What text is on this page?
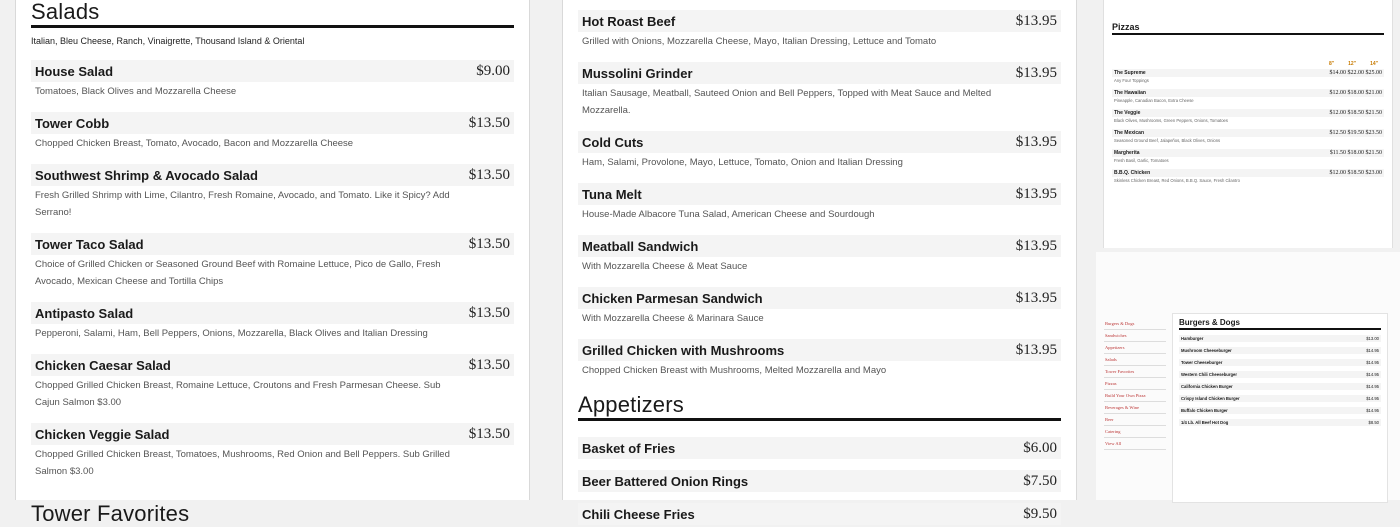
Salads
Italian, Bleu Cheese, Ranch, Vinaigrette, Thousand Island & Oriental
House Salad	$9.00
Tomatoes, Black Olives and Mozzarella Cheese
Tower Cobb	$13.50
Chopped Chicken Breast, Tomato, Avocado, Bacon and Mozzarella Cheese
Southwest Shrimp & Avocado Salad	$13.50
Fresh Grilled Shrimp with Lime, Cilantro, Fresh Romaine, Avocado, and Tomato. Like it Spicy? Add Serrano!
Tower Taco Salad	$13.50
Choice of Grilled Chicken or Seasoned Ground Beef with Romaine Lettuce, Pico de Gallo, Fresh Avocado, Mexican Cheese and Tortilla Chips
Antipasto Salad	$13.50
Pepperoni, Salami, Ham, Bell Peppers, Onions, Mozzarella, Black Olives and Italian Dressing
Chicken Caesar Salad	$13.50
Chopped Grilled Chicken Breast, Romaine Lettuce, Croutons and Fresh Parmesan Cheese. Sub Cajun Salmon $3.00
Chicken Veggie Salad	$13.50
Chopped Grilled Chicken Breast, Tomatoes, Mushrooms, Red Onion and Bell Peppers. Sub Grilled Salmon $3.00
Tower Favorites
Hot Roast Beef	$13.95
Grilled with Onions, Mozzarella Cheese, Mayo, Italian Dressing, Lettuce and Tomato
Mussolini Grinder	$13.95
Italian Sausage, Meatball, Sauteed Onion and Bell Peppers, Topped with Meat Sauce and Melted Mozzarella.
Cold Cuts	$13.95
Ham, Salami, Provolone, Mayo, Lettuce, Tomato, Onion and Italian Dressing
Tuna Melt	$13.95
House-Made Albacore Tuna Salad, American Cheese and Sourdough
Meatball Sandwich	$13.95
With Mozzarella Cheese & Meat Sauce
Chicken Parmesan Sandwich	$13.95
With Mozzarella Cheese & Marinara Sauce
Grilled Chicken with Mushrooms	$13.95
Chopped Chicken Breast with Mushrooms, Melted Mozzarella and Mayo
Appetizers
Basket of Fries	$6.00
Beer Battered Onion Rings	$7.50
Chili Cheese Fries	$9.50
Pizzas
8"	12"	14"
The Supreme	$14.00 $22.00 $25.00
Any Four Toppings
The Hawaiian	$12.00 $18.00 $21.00
Pineapple, Canadian Bacon, Extra Cheese
The Veggie	$12.00 $18.50 $21.50
Black Olives, Mushrooms, Green Peppers, Onions, Tomatoes
The Mexican	$12.50 $19.50 $23.50
Seasoned Ground Beef, Jalapeños, Black Olives, Onions
Margherita	$11.50 $18.00 $21.50
Fresh Basil, Garlic, Tomatoes
B.B.Q. Chicken	$12.00 $18.50 $23.00
Skinless Chicken Breast, Red Onions, B.B.Q. Sauce, Fresh Cilantro
Burgers & Dogs
Sandwiches
Appetizers
Salads
Tower Favorites
Pizzas
Build Your Own Pizza
Beverages & Wine
Beer
Catering
View All
Burgers & Dogs
Hamburger	$13.00
Mushroom Cheeseburger	$14.95
Tower Cheeseburger	$14.95
Western Chili Cheeseburger	$14.95
California Chicken Burger	$14.95
Crispy Island Chicken Burger	$14.95
Buffalo Chicken Burger	$14.95
1/4 Lb. All Beef Hot Dog	$8.50
